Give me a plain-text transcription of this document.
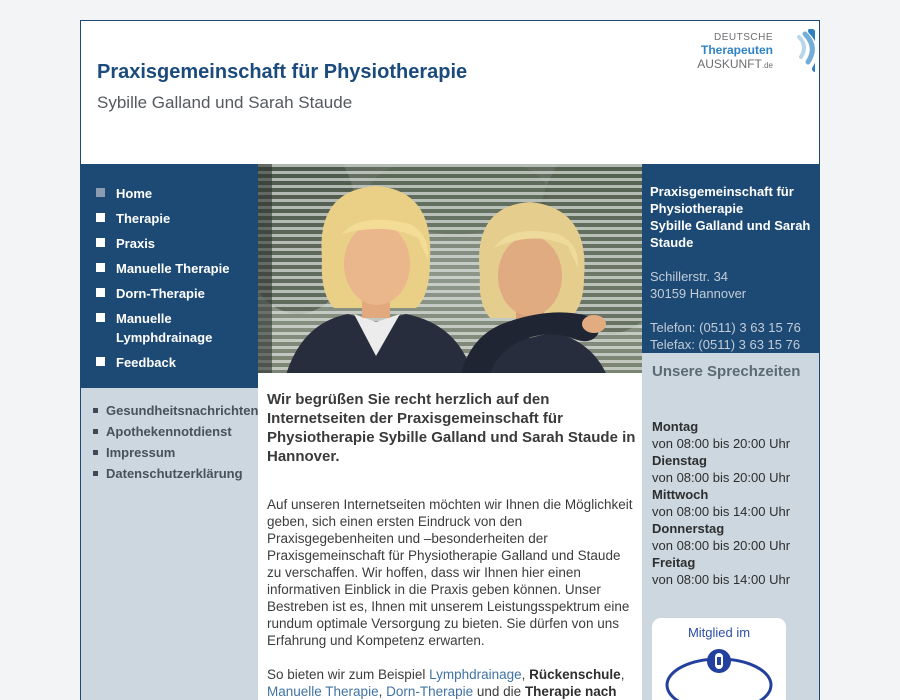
Praxisgemeinschaft für Physiotherapie
Sybille Galland und Sarah Staude
DEUTSCHE
Therapeuten
AUSKUNFT.de
Home
Therapie
Praxis
Manuelle Therapie
Dorn-Therapie
Manuelle Lymphdrainage
Feedback
Gesundheitsnachrichten
Apothekennotdienst
Impressum
Datenschutzerklärung

Wir begrüßen Sie recht herzlich auf den Internetseiten der Praxisgemeinschaft für Physiotherapie Sybille Galland und Sarah Staude in Hannover.

Auf unseren Internetseiten möchten wir Ihnen die Möglichkeit geben, sich einen ersten Eindruck von den Praxisgegebenheiten und –besonderheiten der Praxisgemeinschaft für Physiotherapie Galland und Staude zu verschaffen. Wir hoffen, dass wir Ihnen hier einen informativen Einblick in die Praxis geben können. Unser Bestreben ist es, Ihnen mit unserem Leistungsspektrum eine rundum optimale Versorgung zu bieten. Sie dürfen von uns Erfahrung und Kompetenz erwarten.

So bieten wir zum Beispiel Lymphdrainage, Rückenschule, Manuelle Therapie, Dorn-Therapie und die Therapie nach

Praxisgemeinschaft für Physiotherapie
Sybille Galland und Sarah Staude
Schillerstr. 34
30159 Hannover
Telefon: (0511) 3 63 15 76
Telefax: (0511) 3 63 15 76
Unsere Sprechzeiten
Montag
von 08:00 bis 20:00 Uhr
Dienstag
von 08:00 bis 20:00 Uhr
Mittwoch
von 08:00 bis 14:00 Uhr
Donnerstag
von 08:00 bis 20:00 Uhr
Freitag
von 08:00 bis 14:00 Uhr
Mitglied im
